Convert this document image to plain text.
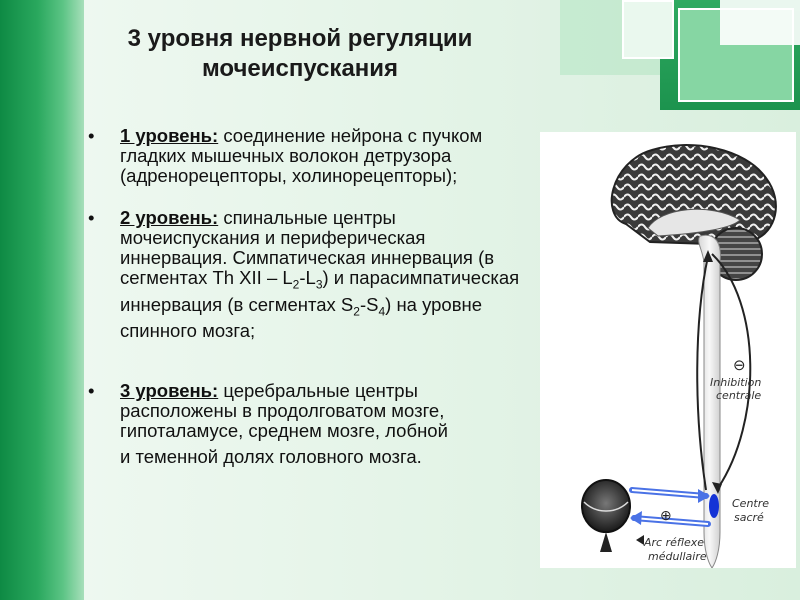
3 уровня нервной регуляции
мочеиспускания
• 1 уровень: соединение нейрона с пучком гладких мышечных волокон детрузора (адренорецепторы, холинорецепторы);
• 2 уровень: спинальные центры мочеиспускания и периферическая иннервация. Симпатическая иннервация (в сегментах Th XII – $L_2-L_3$) и парасимпатическая иннервация (в сегментах $S_2-S_4$) на уровне спинного мозга;
• 3 уровень: церебральные центры расположены в продолговатом мозге, гипоталамусе, среднем мозге, лобной
и теменной долях головного мозга.
⊖
Inhibition
centrale
Centre
sacré
⊕
Arc réflexe
médullaire
